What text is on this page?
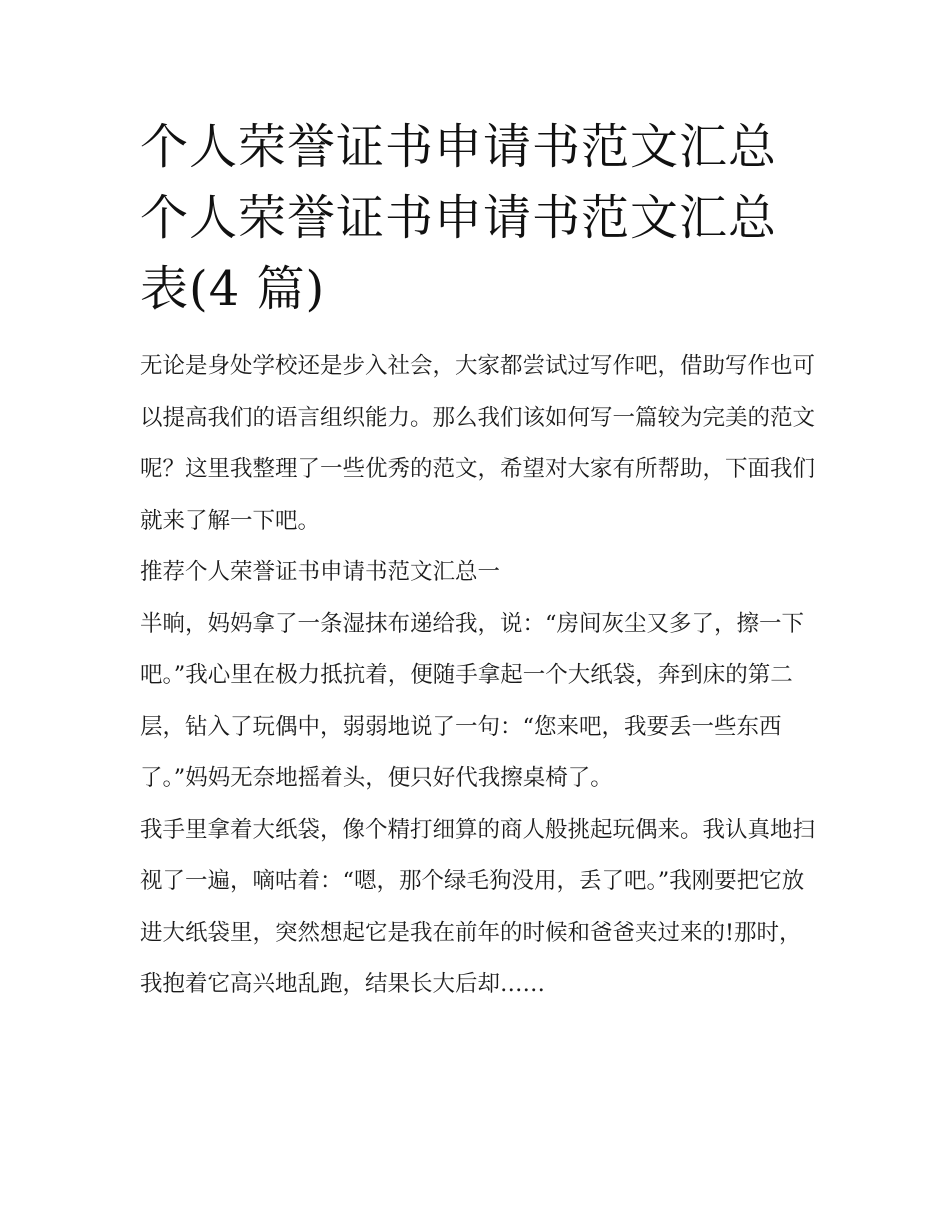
个人荣誉证书申请书范文汇总
个人荣誉证书申请书范文汇总
表(4 篇)

无论是身处学校还是步入社会，大家都尝试过写作吧，借助写作也可以提高我们的语言组织能力。那么我们该如何写一篇较为完美的范文呢？这里我整理了一些优秀的范文，希望对大家有所帮助，下面我们就来了解一下吧。

推荐个人荣誉证书申请书范文汇总一

半晌，妈妈拿了一条湿抹布递给我，说：“房间灰尘又多了，擦一下吧。”我心里在极力抵抗着，便随手拿起一个大纸袋，奔到床的第二层，钻入了玩偶中，弱弱地说了一句：“您来吧，我要丢一些东西了。”妈妈无奈地摇着头，便只好代我擦桌椅了。

我手里拿着大纸袋，像个精打细算的商人般挑起玩偶来。我认真地扫视了一遍，嘀咕着：“嗯，那个绿毛狗没用，丢了吧。”我刚要把它放进大纸袋里，突然想起它是我在前年的时候和爸爸夹过来的!那时，我抱着它高兴地乱跑，结果长大后却……
